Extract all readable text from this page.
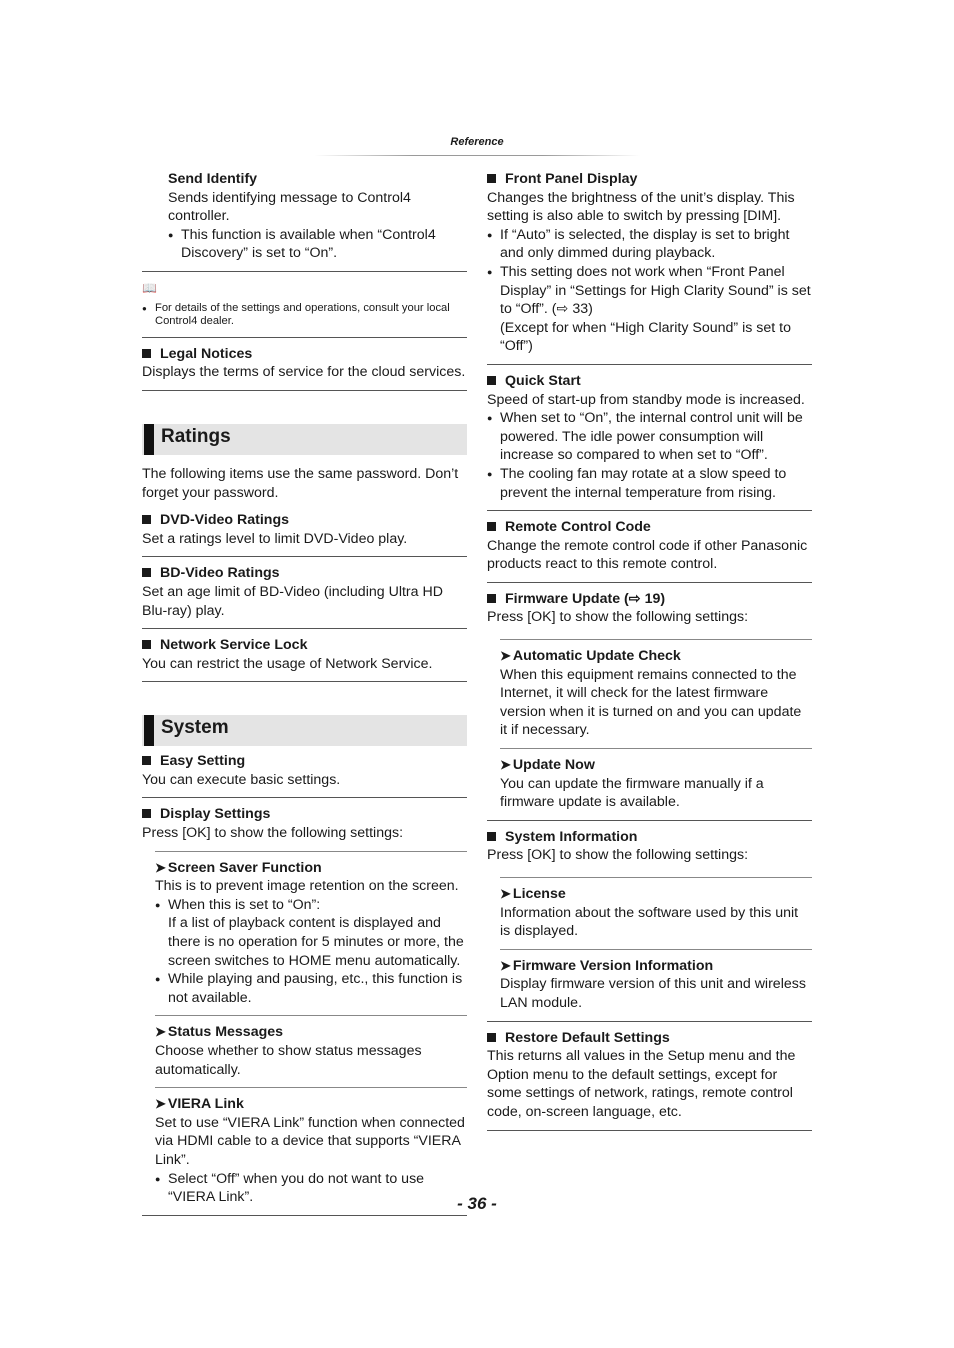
Reference
Send Identify
Sends identifying message to Control4 controller.
● This function is available when “Control4 Discovery” is set to “On”.
📖
● For details of the settings and operations, consult your local Control4 dealer.
Legal Notices
Displays the terms of service for the cloud services.
Ratings
The following items use the same password. Don’t forget your password.
DVD-Video Ratings
Set a ratings level to limit DVD-Video play.
BD-Video Ratings
Set an age limit of BD-Video (including Ultra HD Blu-ray) play.
Network Service Lock
You can restrict the usage of Network Service.
System
Easy Setting
You can execute basic settings.
Display Settings
Press [OK] to show the following settings:
➤ Screen Saver Function
This is to prevent image retention on the screen.
● When this is set to “On”:
If a list of playback content is displayed and there is no operation for 5 minutes or more, the screen switches to HOME menu automatically.
● While playing and pausing, etc., this function is not available.
➤ Status Messages
Choose whether to show status messages automatically.
➤ VIERA Link
Set to use “VIERA Link” function when connected via HDMI cable to a device that supports “VIERA Link”.
● Select “Off” when you do not want to use “VIERA Link”.
Front Panel Display
Changes the brightness of the unit’s display. This setting is also able to switch by pressing [DIM].
● If “Auto” is selected, the display is set to bright and only dimmed during playback.
● This setting does not work when “Front Panel Display” in “Settings for High Clarity Sound” is set to “Off”. (⇨ 33)
(Except for when “High Clarity Sound” is set to “Off”)
Quick Start
Speed of start-up from standby mode is increased.
● When set to “On”, the internal control unit will be powered. The idle power consumption will increase so compared to when set to “Off”.
● The cooling fan may rotate at a slow speed to prevent the internal temperature from rising.
Remote Control Code
Change the remote control code if other Panasonic products react to this remote control.
Firmware Update (⇨ 19)
Press [OK] to show the following settings:
➤ Automatic Update Check
When this equipment remains connected to the Internet, it will check for the latest firmware version when it is turned on and you can update it if necessary.
➤ Update Now
You can update the firmware manually if a firmware update is available.
System Information
Press [OK] to show the following settings:
➤ License
Information about the software used by this unit is displayed.
➤ Firmware Version Information
Display firmware version of this unit and wireless LAN module.
Restore Default Settings
This returns all values in the Setup menu and the Option menu to the default settings, except for some settings of network, ratings, remote control code, on-screen language, etc.
- 36 -
